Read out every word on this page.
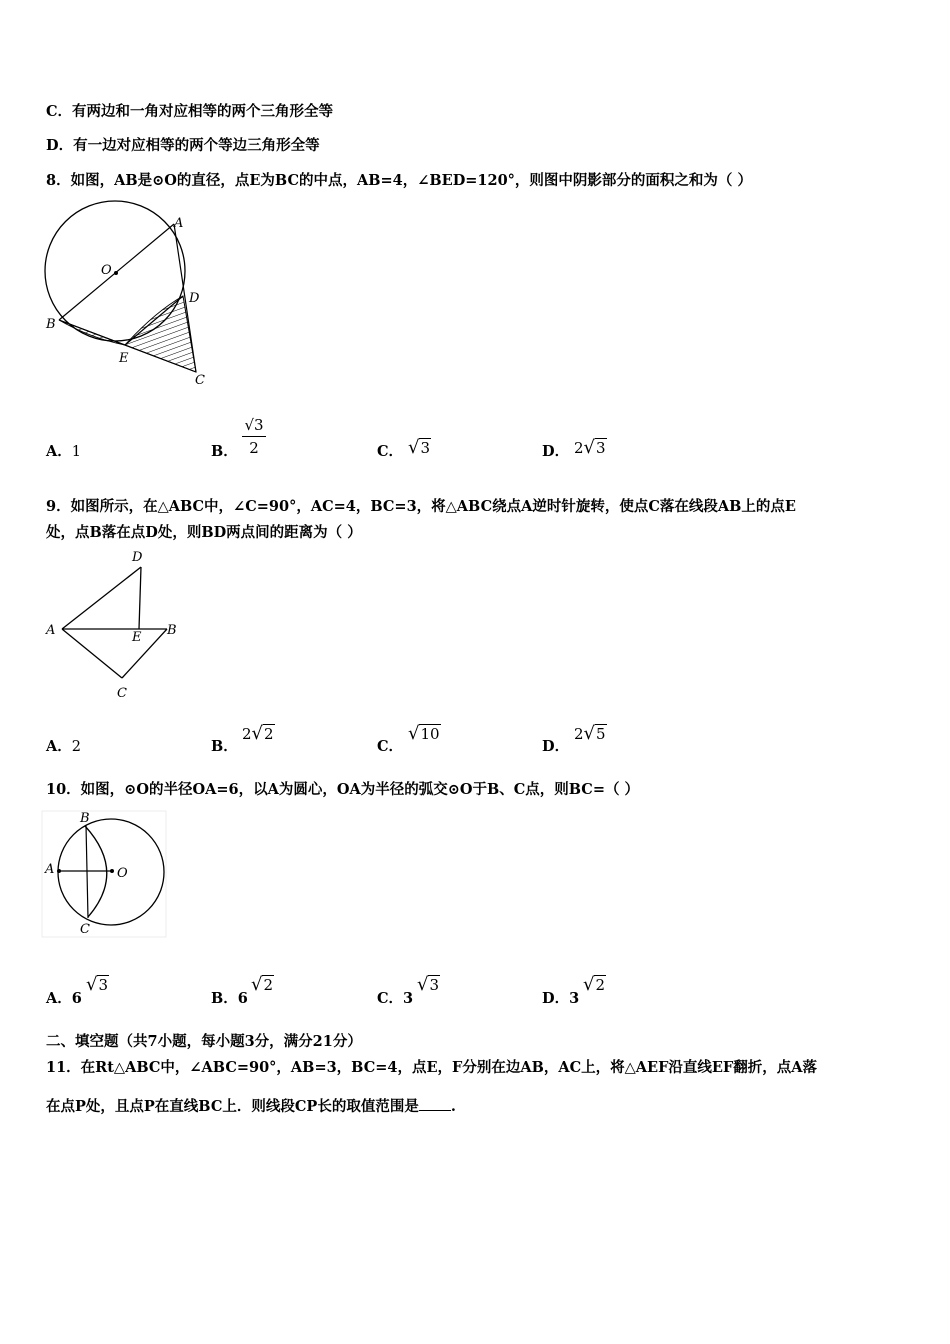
C．有两边和一角对应相等的两个三角形全等
D．有一边对应相等的两个等边三角形全等
8．如图，AB是⊙O的直径，点E为BC的中点，AB=4，∠BED=120°，则图中阴影部分的面积之和为（ ）
A
O
D
B
E
C
A．1	B．
√3
2	C． √3	D． 2√3
9．如图所示，在△ABC中，∠C=90°，AC=4，BC=3，将△ABC绕点A逆时针旋转，使点C落在线段AB上的点E
处，点B落在点D处，则BD两点间的距离为（ ）
D
A	E B
C
A．2	B．
2√2
C．
√10
D．
2√5
10．如图，⊙O的半径OA=6，以A为圆心，OA为半径的弧交⊙O于B、C点，则BC=（ ）
B
A	O
C
A．6
√3
B．6
√2
C．3
√3
D．3
√2
二、填空题（共7小题，每小题3分，满分21分）
11．在Rt△ABC中，∠ABC=90°，AB=3，BC=4，点E，F分别在边AB，AC上，将△AEF沿直线EF翻折，点A落
在点P处，且点P在直线BC上．则线段CP长的取值范围是 .
